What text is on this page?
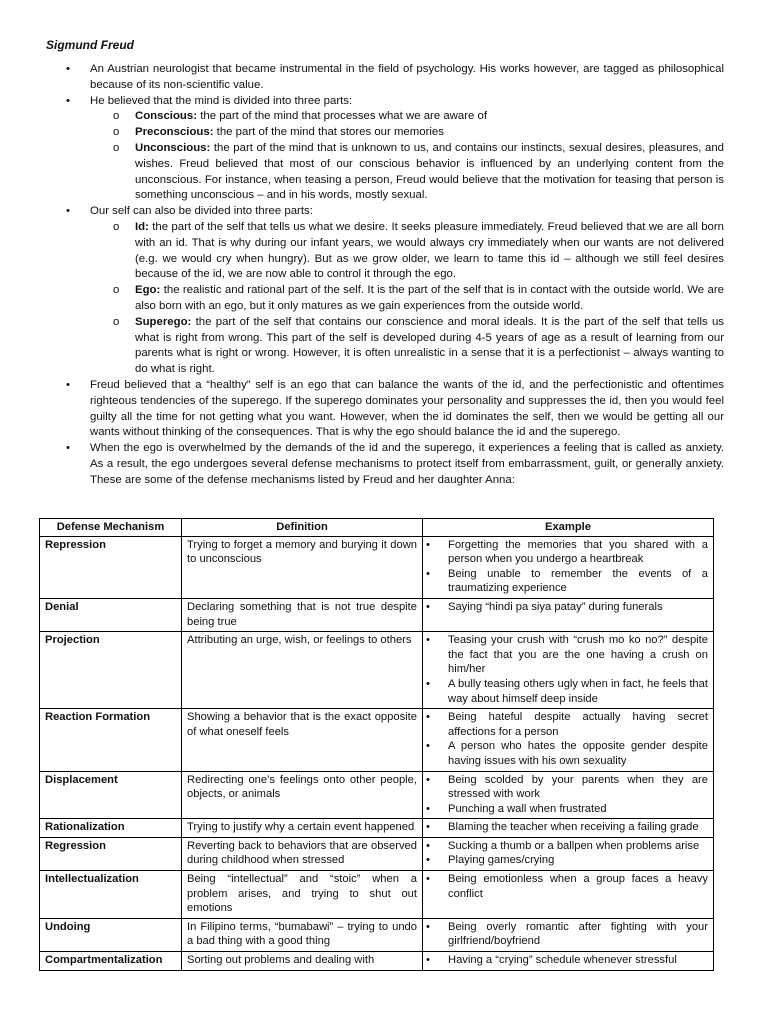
Sigmund Freud
• An Austrian neurologist that became instrumental in the field of psychology. His works however, are tagged as philosophical because of its non-scientific value.
• He believed that the mind is divided into three parts:
o Conscious: the part of the mind that processes what we are aware of
o Preconscious: the part of the mind that stores our memories
o Unconscious: the part of the mind that is unknown to us, and contains our instincts, sexual desires, pleasures, and wishes. Freud believed that most of our conscious behavior is influenced by an underlying content from the unconscious. For instance, when teasing a person, Freud would believe that the motivation for teasing that person is something unconscious – and in his words, mostly sexual.
• Our self can also be divided into three parts:
o Id: the part of the self that tells us what we desire. It seeks pleasure immediately. Freud believed that we are all born with an id. That is why during our infant years, we would always cry immediately when our wants are not delivered (e.g. we would cry when hungry). But as we grow older, we learn to tame this id – although we still feel desires because of the id, we are now able to control it through the ego.
o Ego: the realistic and rational part of the self. It is the part of the self that is in contact with the outside world. We are also born with an ego, but it only matures as we gain experiences from the outside world.
o Superego: the part of the self that contains our conscience and moral ideals. It is the part of the self that tells us what is right from wrong. This part of the self is developed during 4-5 years of age as a result of learning from our parents what is right or wrong. However, it is often unrealistic in a sense that it is a perfectionist – always wanting to do what is right.
• Freud believed that a “healthy” self is an ego that can balance the wants of the id, and the perfectionistic and oftentimes righteous tendencies of the superego. If the superego dominates your personality and suppresses the id, then you would feel guilty all the time for not getting what you want. However, when the id dominates the self, then we would be getting all our wants without thinking of the consequences. That is why the ego should balance the id and the superego.
• When the ego is overwhelmed by the demands of the id and the superego, it experiences a feeling that is called as anxiety. As a result, the ego undergoes several defense mechanisms to protect itself from embarrassment, guilt, or generally anxiety. These are some of the defense mechanisms listed by Freud and her daughter Anna:
Defense Mechanism	Definition	Example
Repression	Trying to forget a memory and burying it down to unconscious	• Forgetting the memories that you shared with a person when you undergo a heartbreak
• Being unable to remember the events of a traumatizing experience

Denial	Declaring something that is not true despite being true	• Saying “hindi pa siya patay” during funerals

Projection	Attributing an urge, wish, or feelings to others	• Teasing your crush with “crush mo ko no?” despite the fact that you are the one having a crush on him/her
• A bully teasing others ugly when in fact, he feels that way about himself deep inside

Reaction Formation	Showing a behavior that is the exact opposite of what oneself feels	• Being hateful despite actually having secret affections for a person
• A person who hates the opposite gender despite having issues with his own sexuality

Displacement	Redirecting one’s feelings onto other people, objects, or animals	• Being scolded by your parents when they are stressed with work
• Punching a wall when frustrated

Rationalization	Trying to justify why a certain event happened	• Blaming the teacher when receiving a failing grade

Regression	Reverting back to behaviors that are observed during childhood when stressed	• Sucking a thumb or a ballpen when problems arise
• Playing games/crying

Intellectualization	Being “intellectual” and “stoic” when a problem arises, and trying to shut out emotions	• Being emotionless when a group faces a heavy conflict

Undoing	In Filipino terms, “bumabawi” – trying to undo a bad thing with a good thing	• Being overly romantic after fighting with your girlfriend/boyfriend

Compartmentalization	Sorting out problems and dealing with	• Having a “crying” schedule whenever stressful
